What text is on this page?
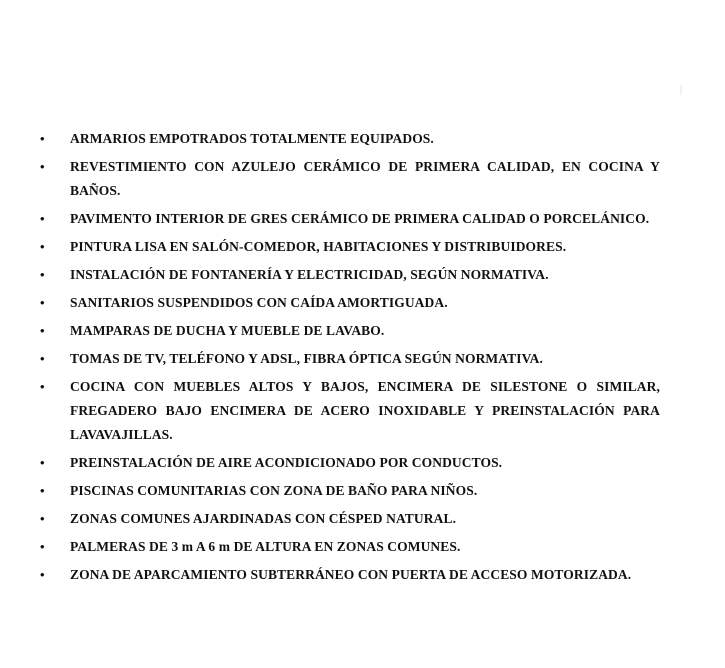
•	ARMARIOS EMPOTRADOS TOTALMENTE EQUIPADOS.
•	REVESTIMIENTO CON AZULEJO CERÁMICO DE PRIMERA CALIDAD, EN COCINA Y BAÑOS.
•	PAVIMENTO INTERIOR DE GRES CERÁMICO DE PRIMERA CALIDAD O PORCELÁNICO.
•	PINTURA LISA EN SALÓN-COMEDOR, HABITACIONES Y DISTRIBUIDORES.
•	INSTALACIÓN DE FONTANERÍA Y ELECTRICIDAD, SEGÚN NORMATIVA.
•	SANITARIOS SUSPENDIDOS CON CAÍDA AMORTIGUADA.
•	MAMPARAS DE DUCHA Y MUEBLE DE LAVABO.
•	TOMAS DE TV, TELÉFONO Y ADSL, FIBRA ÓPTICA SEGÚN NORMATIVA.
•	COCINA CON MUEBLES ALTOS Y BAJOS, ENCIMERA DE SILESTONE O SIMILAR, FREGADERO BAJO ENCIMERA DE ACERO INOXIDABLE Y PREINSTALACIÓN PARA LAVAVAJILLAS.
•	PREINSTALACIÓN DE AIRE ACONDICIONADO POR CONDUCTOS.
•	PISCINAS COMUNITARIAS CON ZONA DE BAÑO PARA NIÑOS.
•	ZONAS COMUNES AJARDINADAS CON CÉSPED NATURAL.
•	PALMERAS DE 3 m A 6 m DE ALTURA EN ZONAS COMUNES.
•	ZONA DE APARCAMIENTO SUBTERRÁNEO CON PUERTA DE ACCESO MOTORIZADA.
